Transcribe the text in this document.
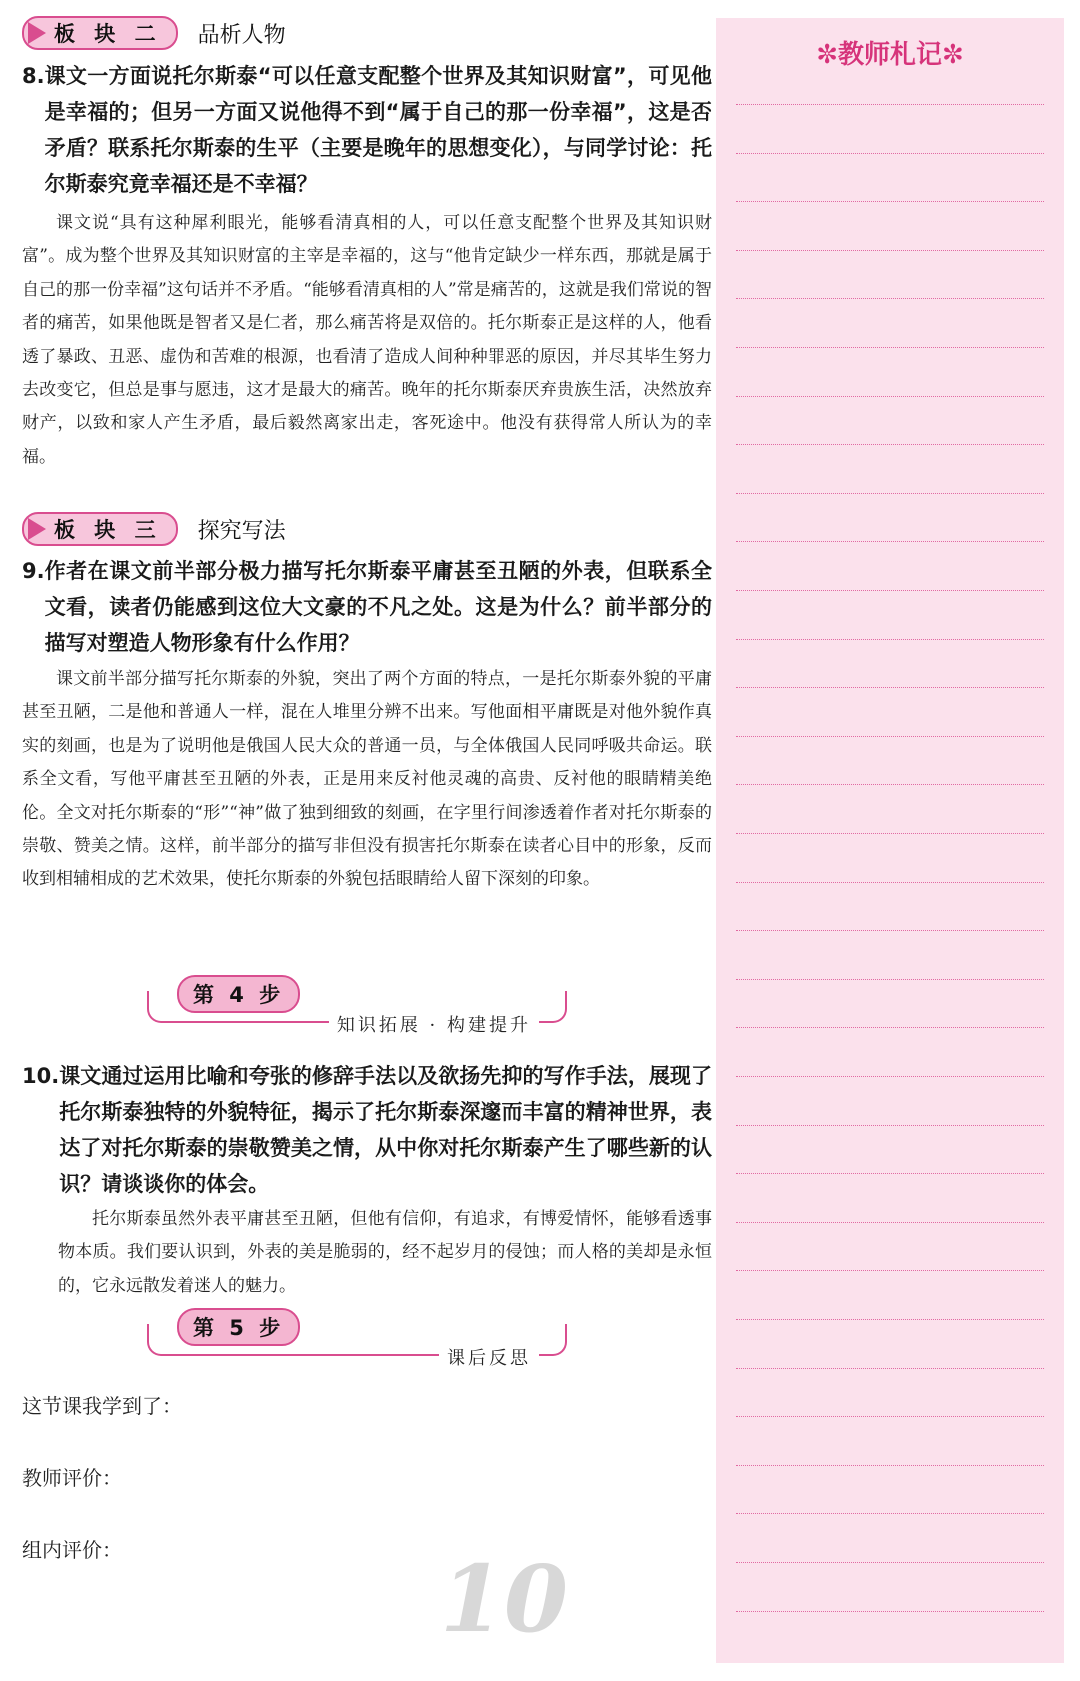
板 块 二 品析人物
8. 课文一方面说托尔斯泰“可以任意支配整个世界及其知识财富”，可见他是幸福的；但另一方面又说他得不到“属于自己的那一份幸福”，这是否矛盾？联系托尔斯泰的生平（主要是晚年的思想变化），与同学讨论：托尔斯泰究竟幸福还是不幸福？
课文说“具有这种犀利眼光，能够看清真相的人，可以任意支配整个世界及其知识财富”。成为整个世界及其知识财富的主宰是幸福的，这与“他肯定缺少一样东西，那就是属于自己的那一份幸福”这句话并不矛盾。“能够看清真相的人”常是痛苦的，这就是我们常说的智者的痛苦，如果他既是智者又是仁者，那么痛苦将是双倍的。托尔斯泰正是这样的人，他看透了暴政、丑恶、虚伪和苦难的根源，也看清了造成人间种种罪恶的原因，并尽其毕生努力去改变它，但总是事与愿违，这才是最大的痛苦。晚年的托尔斯泰厌弃贵族生活，决然放弃财产，以致和家人产生矛盾，最后毅然离家出走，客死途中。他没有获得常人所认为的幸福。
板 块 三 探究写法
9. 作者在课文前半部分极力描写托尔斯泰平庸甚至丑陋的外表，但联系全文看，读者仍能感到这位大文豪的不凡之处。这是为什么？前半部分的描写对塑造人物形象有什么作用？
课文前半部分描写托尔斯泰的外貌，突出了两个方面的特点，一是托尔斯泰外貌的平庸甚至丑陋，二是他和普通人一样，混在人堆里分辨不出来。写他面相平庸既是对他外貌作真实的刻画，也是为了说明他是俄国人民大众的普通一员，与全体俄国人民同呼吸共命运。联系全文看，写他平庸甚至丑陋的外表，正是用来反衬他灵魂的高贵、反衬他的眼睛精美绝伦。全文对托尔斯泰的“形”“神”做了独到细致的刻画，在字里行间渗透着作者对托尔斯泰的崇敬、赞美之情。这样，前半部分的描写非但没有损害托尔斯泰在读者心目中的形象，反而收到相辅相成的艺术效果，使托尔斯泰的外貌包括眼睛给人留下深刻的印象。
第 4 步
知识拓展 · 构建提升
10. 课文通过运用比喻和夸张的修辞手法以及欲扬先抑的写作手法，展现了托尔斯泰独特的外貌特征，揭示了托尔斯泰深邃而丰富的精神世界，表达了对托尔斯泰的崇敬赞美之情，从中你对托尔斯泰产生了哪些新的认识？请谈谈你的体会。
托尔斯泰虽然外表平庸甚至丑陋，但他有信仰，有追求，有博爱情怀，能够看透事物本质。我们要认识到，外表的美是脆弱的，经不起岁月的侵蚀；而人格的美却是永恒的，它永远散发着迷人的魅力。
第 5 步
课后反思
这节课我学到了：
教师评价：
组内评价：	10
✼教师札记✼
